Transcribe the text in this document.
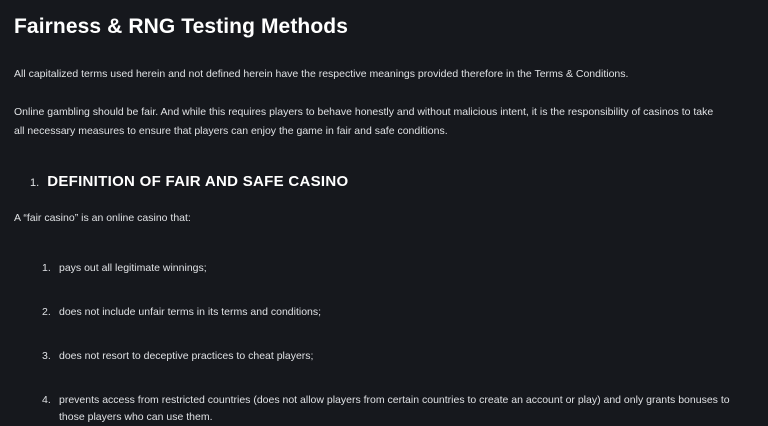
Fairness & RNG Testing Methods

All capitalized terms used herein and not defined herein have the respective meanings provided therefore in the Terms & Conditions.

Online gambling should be fair. And while this requires players to behave honestly and without malicious intent, it is the responsibility of casinos to take all necessary measures to ensure that players can enjoy the game in fair and safe conditions.

1. DEFINITION OF FAIR AND SAFE CASINO

A “fair casino” is an online casino that:

pays out all legitimate winnings;
does not include unfair terms in its terms and conditions;
does not resort to deceptive practices to cheat players;
prevents access from restricted countries (does not allow players from certain countries to create an account or play) and only grants bonuses to those players who can use them.
